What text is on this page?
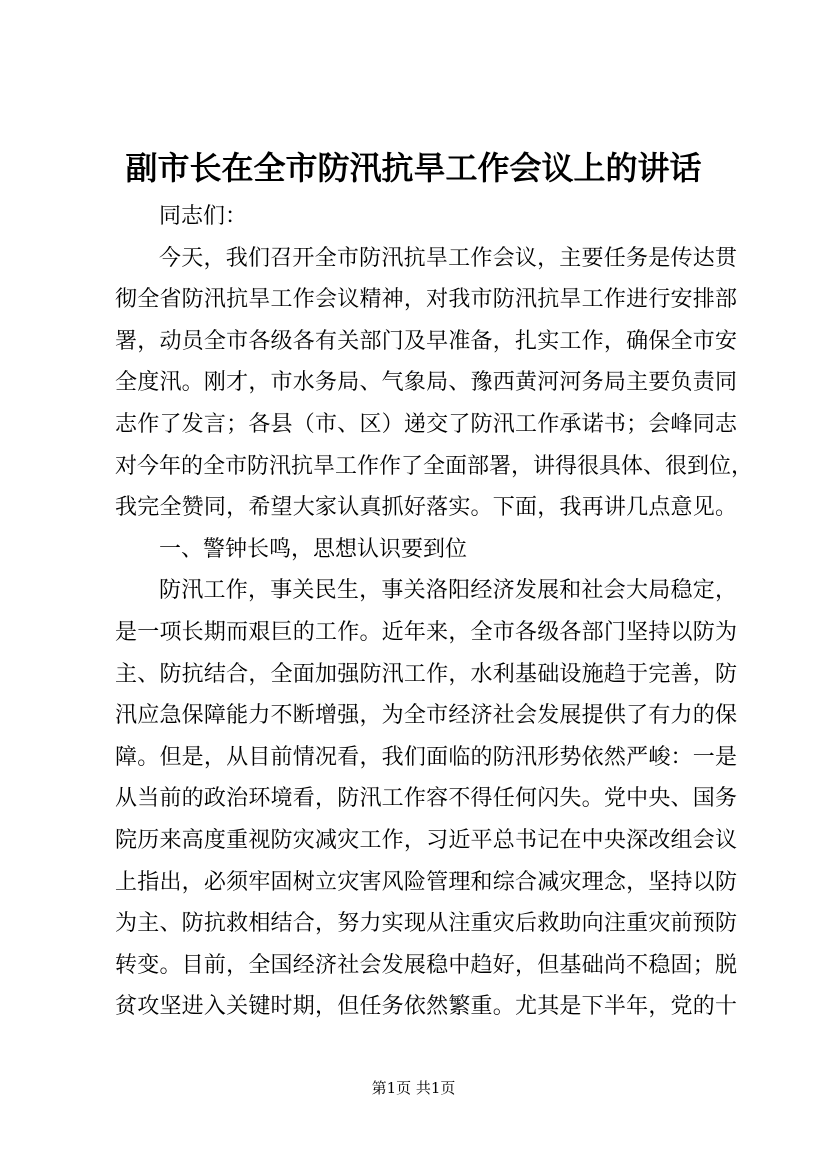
副市长在全市防汛抗旱工作会议上的讲话
同志们：
今天，我们召开全市防汛抗旱工作会议，主要任务是传达贯
彻全省防汛抗旱工作会议精神，对我市防汛抗旱工作进行安排部
署，动员全市各级各有关部门及早准备，扎实工作，确保全市安
全度汛。刚才，市水务局、气象局、豫西黄河河务局主要负责同
志作了发言；各县（市、区）递交了防汛工作承诺书；会峰同志
对今年的全市防汛抗旱工作作了全面部署，讲得很具体、很到位，
我完全赞同，希望大家认真抓好落实。下面，我再讲几点意见。
一、警钟长鸣，思想认识要到位
防汛工作，事关民生，事关洛阳经济发展和社会大局稳定，
是一项长期而艰巨的工作。近年来，全市各级各部门坚持以防为
主、防抗结合，全面加强防汛工作，水利基础设施趋于完善，防
汛应急保障能力不断增强，为全市经济社会发展提供了有力的保
障。但是，从目前情况看，我们面临的防汛形势依然严峻：一是
从当前的政治环境看，防汛工作容不得任何闪失。党中央、国务
院历来高度重视防灾减灾工作，习近平总书记在中央深改组会议
上指出，必须牢固树立灾害风险管理和综合减灾理念，坚持以防
为主、防抗救相结合，努力实现从注重灾后救助向注重灾前预防
转变。目前，全国经济社会发展稳中趋好，但基础尚不稳固；脱
贫攻坚进入关键时期，但任务依然繁重。尤其是下半年，党的十
第1页 共1页
